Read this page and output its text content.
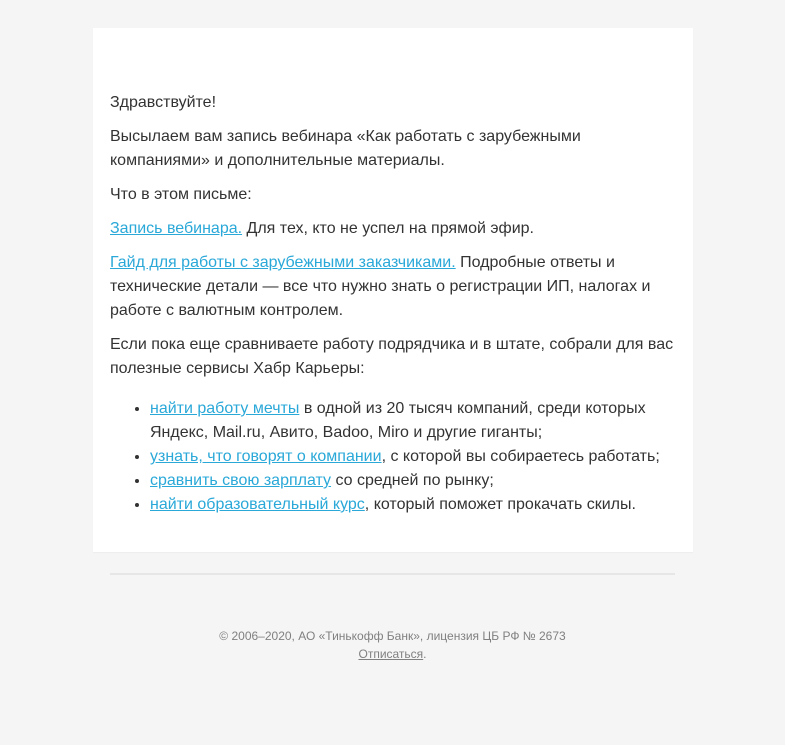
Здравствуйте!

Высылаем вам запись вебинара «Как работать с зарубежными компаниями» и дополнительные материалы.

Что в этом письме:

Запись вебинара. Для тех, кто не успел на прямой эфир.

Гайд для работы с зарубежными заказчиками. Подробные ответы и технические детали — все что нужно знать о регистрации ИП, налогах и работе с валютным контролем.

Если пока еще сравниваете работу подрядчика и в штате, собрали для вас полезные сервисы Хабр Карьеры:

• найти работу мечты в одной из 20 тысяч компаний, среди которых Яндекс, Mail.ru, Авито, Badoo, Miro и другие гиганты;
• узнать, что говорят о компании, с которой вы собираетесь работать;
• сравнить свою зарплату со средней по рынку;
• найти образовательный курс, который поможет прокачать скилы.
© 2006–2020, АО «Тинькофф Банк», лицензия ЦБ РФ № 2673
Отписаться.
